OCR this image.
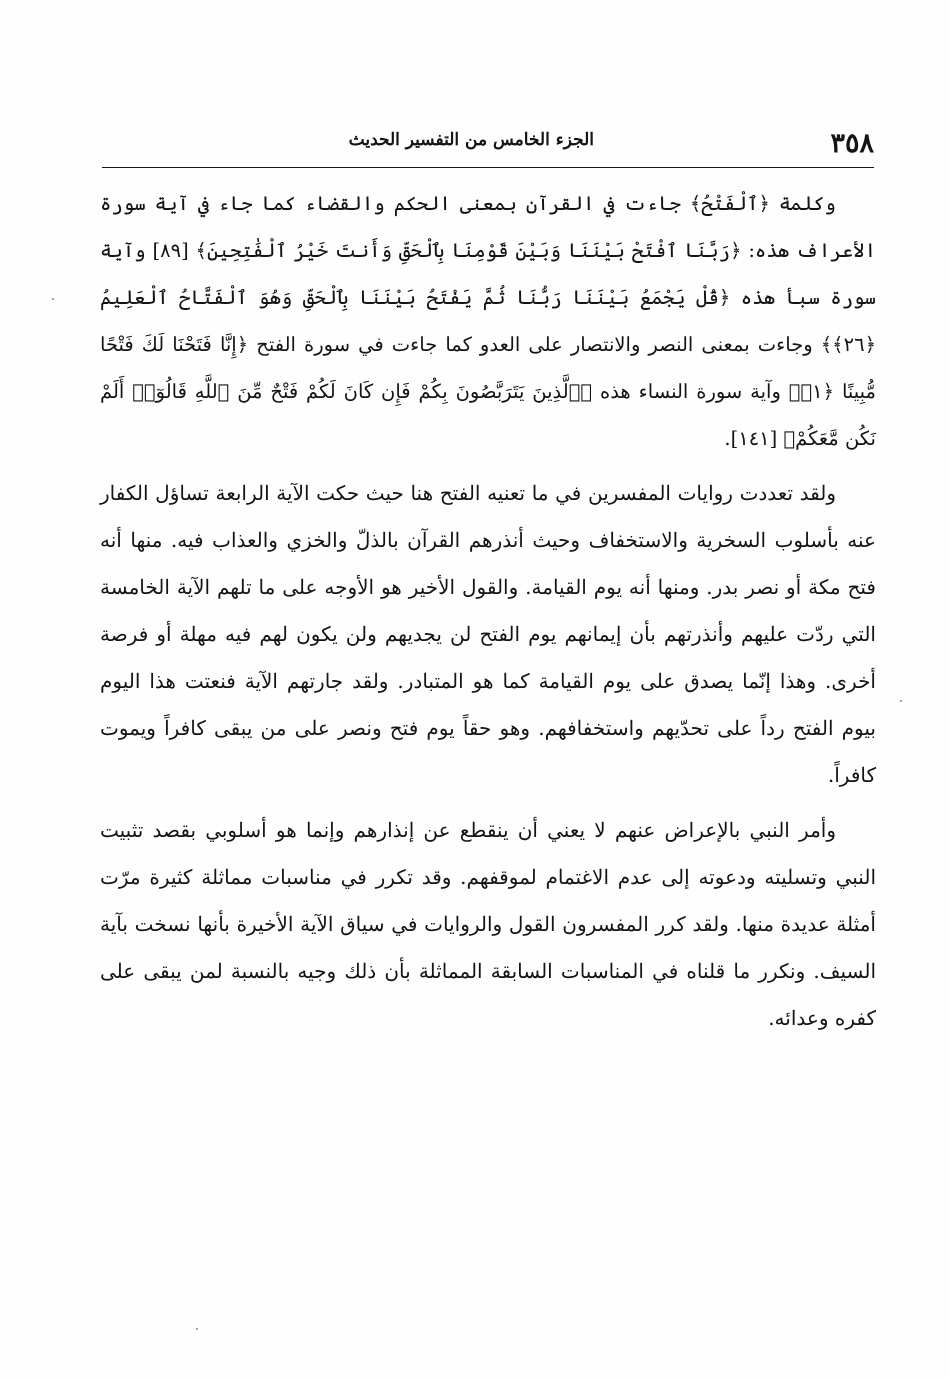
٣٥٨
الجزء الخامس من التفسير الحديث

وكلمة ﴿ٱلْفَتْحُ﴾ جاءت في القرآن بمعنى الحكم والقضاء كما جاء في آية سورة الأعراف هذه: ﴿رَبَّنَا ٱفْتَحْ بَيْنَنَا وَبَيْنَ قَوْمِنَا بِٱلْحَقِّ وَأَنتَ خَيْرُ ٱلْفَٰتِحِينَ﴾ [٨٩] وآية سورة سبأ هذه ﴿قُلْ يَجْمَعُ بَيْنَنَا رَبُّنَا ثُمَّ يَفْتَحُ بَيْنَنَا بِٱلْحَقِّ وَهُوَ ٱلْفَتَّاحُ ٱلْعَلِيمُ ﴿٢٦﴾﴾ وجاءت بمعنى النصر والانتصار على العدو كما جاءت في سورة الفتح ﴿إِنَّا فَتَحْنَا لَكَ فَتْحًا مُّبِينًا ﴿١﴾﴾ وآية سورة النساء هذه ﴿ٱلَّذِينَ يَتَرَبَّصُونَ بِكُمْ فَإِن كَانَ لَكُمْ فَتْحٌ مِّنَ ٱللَّهِ قَالُوٓا۟ أَلَمْ نَكُن مَّعَكُمْ﴾ [١٤١].

ولقد تعددت روايات المفسرين في ما تعنيه الفتح هنا حيث حكت الآية الرابعة تساؤل الكفار عنه بأسلوب السخرية والاستخفاف وحيث أنذرهم القرآن بالذلّ والخزي والعذاب فيه. منها أنه فتح مكة أو نصر بدر. ومنها أنه يوم القيامة. والقول الأخير هو الأوجه على ما تلهم الآية الخامسة التي ردّت عليهم وأنذرتهم بأن إيمانهم يوم الفتح لن يجديهم ولن يكون لهم فيه مهلة أو فرصة أخرى. وهذا إنّما يصدق على يوم القيامة كما هو المتبادر. ولقد جارتهم الآية فنعتت هذا اليوم بيوم الفتح رداً على تحدّيهم واستخفافهم. وهو حقاً يوم فتح ونصر على من يبقى كافراً ويموت كافراً.

وأمر النبي بالإعراض عنهم لا يعني أن ينقطع عن إنذارهم وإنما هو أسلوبي بقصد تثبيت النبي وتسليته ودعوته إلى عدم الاغتمام لموقفهم. وقد تكرر في مناسبات مماثلة كثيرة مرّت أمثلة عديدة منها. ولقد كرر المفسرون القول والروايات في سياق الآية الأخيرة بأنها نسخت بآية السيف. ونكرر ما قلناه في المناسبات السابقة المماثلة بأن ذلك وجيه بالنسبة لمن يبقى على كفره وعدائه.
